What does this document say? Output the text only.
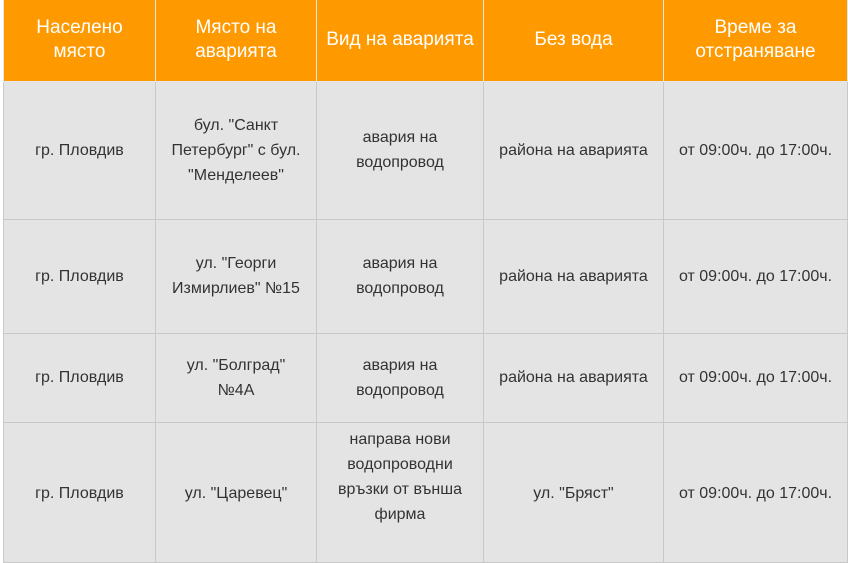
Населено място	Място на аварията	Вид на аварията	Без вода	Време за отстраняване
гр. Пловдив	бул. "Санкт Петербург" с бул. "Менделеев"	авария на водопровод	района на аварията	от 09:00ч. до 17:00ч.
гр. Пловдив	ул. "Георги Измирлиев" №15	авария на водопровод	района на аварията	от 09:00ч. до 17:00ч.
гр. Пловдив	ул. "Болград" №4А	авария на водопровод	района на аварията	от 09:00ч. до 17:00ч.
гр. Пловдив	ул. "Царевец"	направа нови водопроводни връзки от външа фирма	ул. "Бряст"	от 09:00ч. до 17:00ч.
